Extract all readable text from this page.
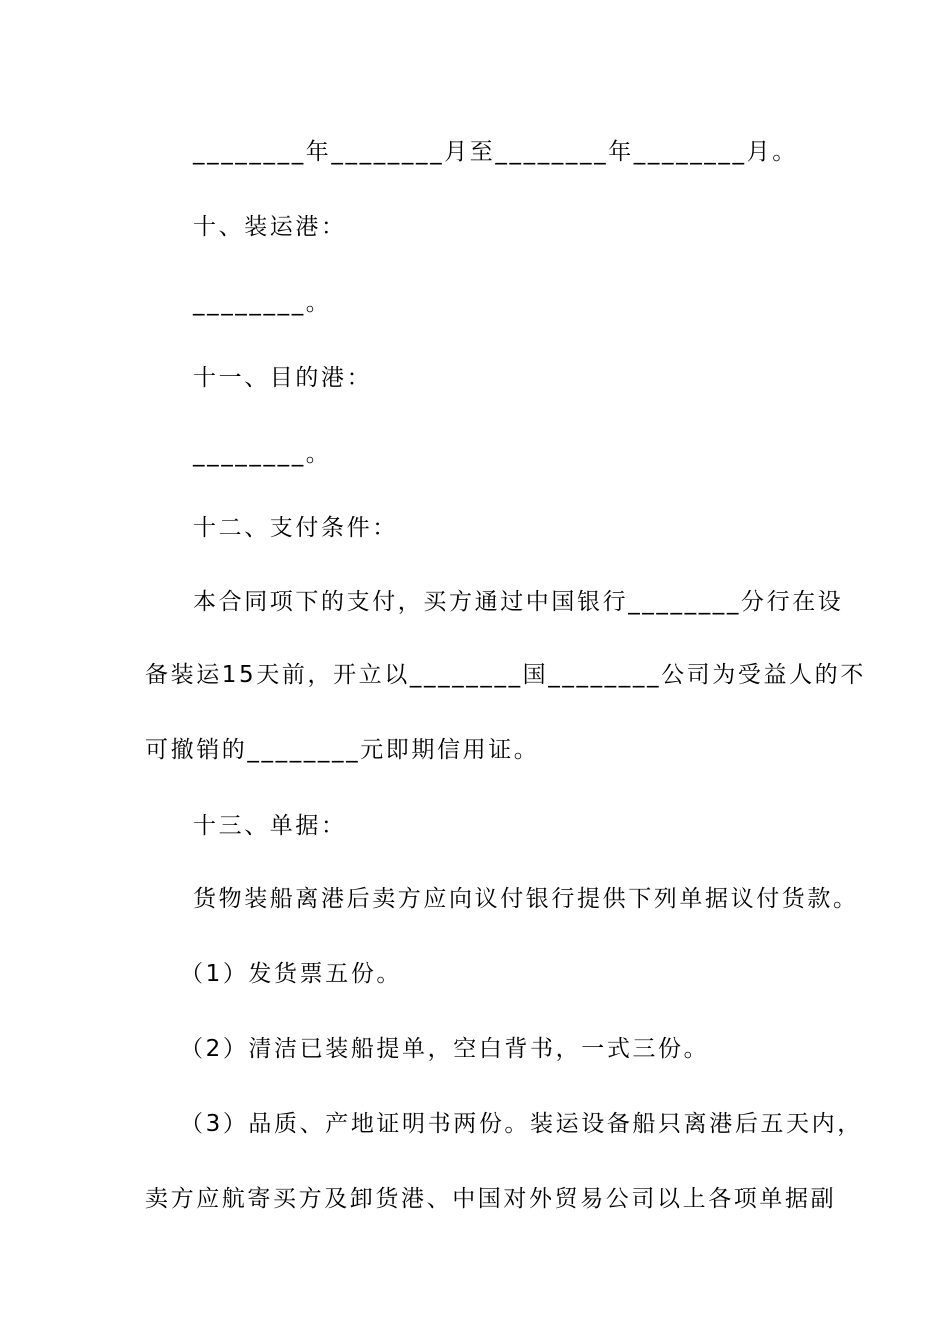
________年________月至________年________月。
十、装运港：
________。
十一、目的港：
________。
十二、支付条件：
本合同项下的支付，买方通过中国银行________分行在设
备装运15天前，开立以________国________公司为受益人的不
可撤销的________元即期信用证。
十三、单据：
货物装船离港后卖方应向议付银行提供下列单据议付货款。
（1）发货票五份。
（2）清洁已装船提单，空白背书，一式三份。
（3）品质、产地证明书两份。装运设备船只离港后五天内，
卖方应航寄买方及卸货港、中国对外贸易公司以上各项单据副
